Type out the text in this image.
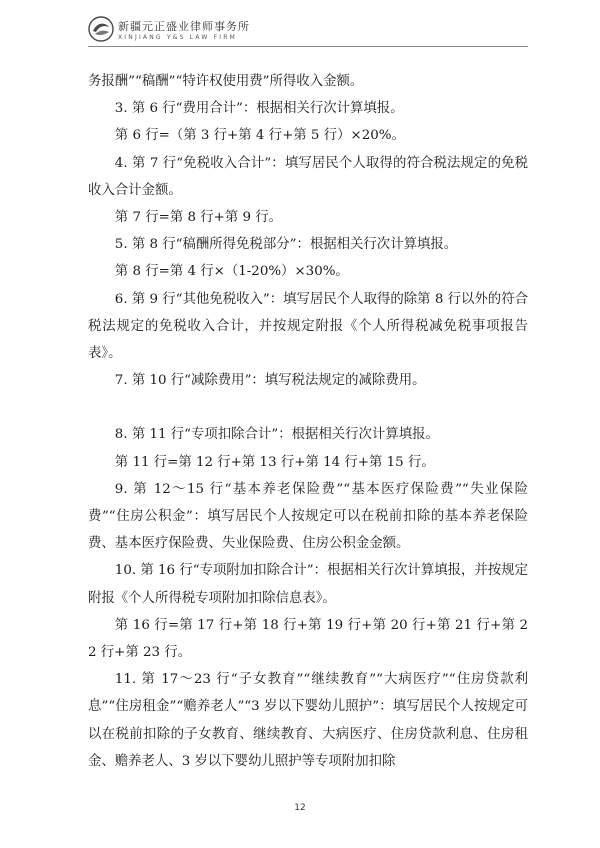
新疆元正盛业律师事务所
XINJIANG Y&S LAW FIRM

务报酬”“稿酬”“特许权使用费”所得收入金额。

3. 第 6 行“费用合计”：根据相关行次计算填报。

第 6 行=（第 3 行+第 4 行+第 5 行）×20%。

4. 第 7 行“免税收入合计”：填写居民个人取得的符合税法规定的免税收入合计金额。

第 7 行=第 8 行+第 9 行。

5. 第 8 行“稿酬所得免税部分”：根据相关行次计算填报。

第 8 行=第 4 行×（1-20%）×30%。

6. 第 9 行“其他免税收入”：填写居民个人取得的除第 8 行以外的符合税法规定的免税收入合计，并按规定附报《个人所得税减免税事项报告表》。

7. 第 10 行“减除费用”：填写税法规定的减除费用。

8. 第 11 行“专项扣除合计”：根据相关行次计算填报。

第 11 行=第 12 行+第 13 行+第 14 行+第 15 行。

9. 第 12～15 行“基本养老保险费”“基本医疗保险费”“失业保险费”“住房公积金”：填写居民个人按规定可以在税前扣除的基本养老保险费、基本医疗保险费、失业保险费、住房公积金金额。

10. 第 16 行“专项附加扣除合计”：根据相关行次计算填报，并按规定附报《个人所得税专项附加扣除信息表》。

第 16 行=第 17 行+第 18 行+第 19 行+第 20 行+第 21 行+第 22 行+第 23 行。

11. 第 17～23 行“子女教育”“继续教育”“大病医疗”“住房贷款利息”“住房租金”“赡养老人”“3 岁以下婴幼儿照护”：填写居民个人按规定可以在税前扣除的子女教育、继续教育、大病医疗、住房贷款利息、住房租金、赡养老人、3 岁以下婴幼儿照护等专项附加扣除

12
